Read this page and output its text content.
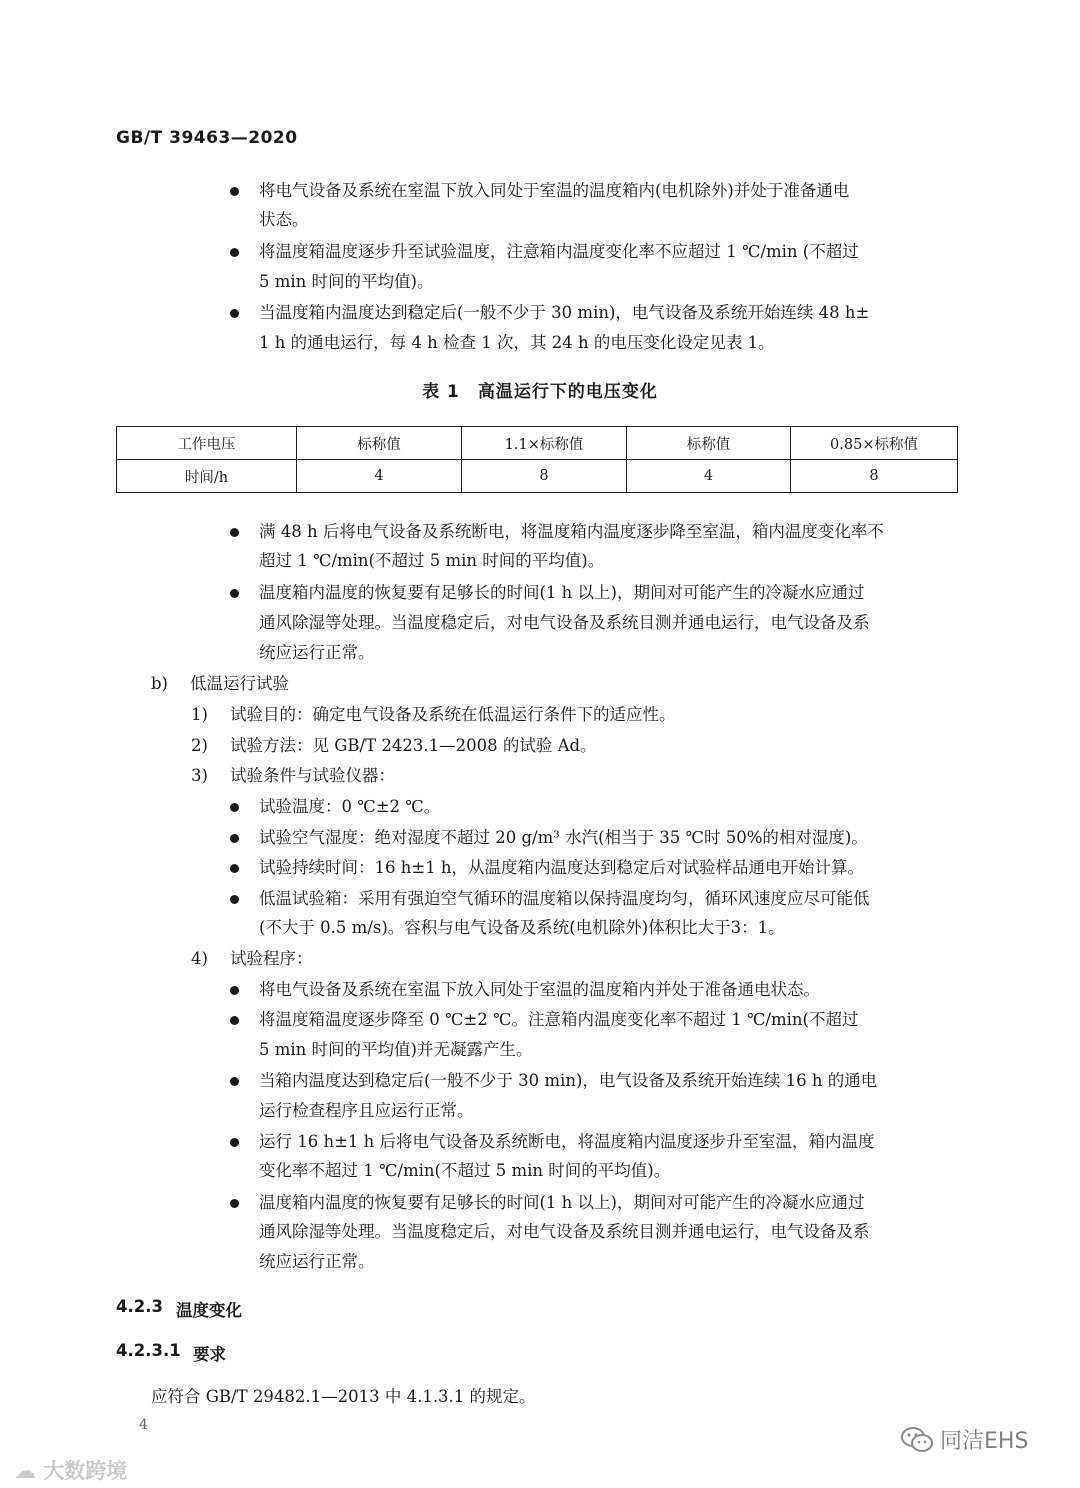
GB/T 39463—2020
将电气设备及系统在室温下放入同处于室温的温度箱内(电机除外)并处于准备通电
状态。
将温度箱温度逐步升至试验温度，注意箱内温度变化率不应超过 1 ℃/min (不超过
5 min 时间的平均值)。
当温度箱内温度达到稳定后(一般不少于 30 min)，电气设备及系统开始连续 48 h±
1 h 的通电运行，每 4 h 检查 1 次，其 24 h 的电压变化设定见表 1。
表 1　高温运行下的电压变化
工作电压	标称值	1.1×标称值	标称值	0.85×标称值
时间/h	4	8	4	8
满 48 h 后将电气设备及系统断电，将温度箱内温度逐步降至室温，箱内温度变化率不
超过 1 ℃/min(不超过 5 min 时间的平均值)。
温度箱内温度的恢复要有足够长的时间(1 h 以上)，期间对可能产生的冷凝水应通过
通风除湿等处理。当温度稳定后，对电气设备及系统目测并通电运行，电气设备及系
统应运行正常。
b) 低温运行试验
1) 试验目的：确定电气设备及系统在低温运行条件下的适应性。
2) 试验方法：见 GB/T 2423.1—2008 的试验 Ad。
3) 试验条件与试验仪器：
试验温度：0 ℃±2 ℃。
试验空气湿度：绝对湿度不超过 20 g/m³ 水汽(相当于 35 ℃时 50%的相对湿度)。
试验持续时间：16 h±1 h，从温度箱内温度达到稳定后对试验样品通电开始计算。
低温试验箱：采用有强迫空气循环的温度箱以保持温度均匀，循环风速度应尽可能低
(不大于 0.5 m/s)。容积与电气设备及系统(电机除外)体积比大于3：1。
4) 试验程序：
将电气设备及系统在室温下放入同处于室温的温度箱内并处于准备通电状态。
将温度箱温度逐步降至 0 ℃±2 ℃。注意箱内温度变化率不超过 1 ℃/min(不超过
5 min 时间的平均值)并无凝露产生。
当箱内温度达到稳定后(一般不少于 30 min)，电气设备及系统开始连续 16 h 的通电
运行检查程序且应运行正常。
运行 16 h±1 h 后将电气设备及系统断电，将温度箱内温度逐步升至室温，箱内温度
变化率不超过 1 ℃/min(不超过 5 min 时间的平均值)。
温度箱内温度的恢复要有足够长的时间(1 h 以上)，期间对可能产生的冷凝水应通过
通风除湿等处理。当温度稳定后，对电气设备及系统目测并通电运行，电气设备及系
统应运行正常。
4.2.3 温度变化
4.2.3.1 要求
应符合 GB/T 29482.1—2013 中 4.1.3.1 的规定。
4
☁ 大数跨境
同洁EHS
